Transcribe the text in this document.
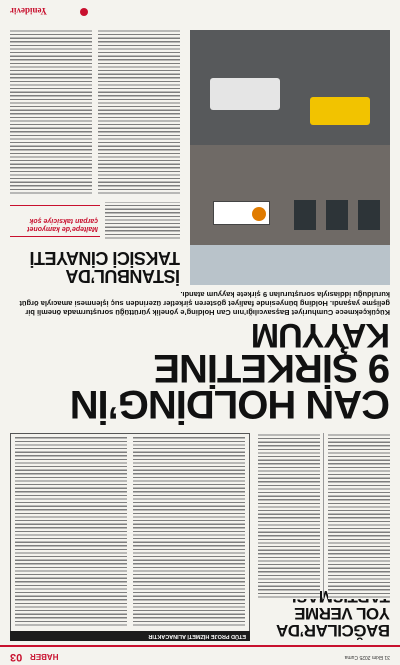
31 Ekim 2025 Cuma
HABER
03
BAĞCILAR’DA YOL VERME
ETÜD PROJE HİZMETİ ALINACAKTIR
CAN HOLDİNG’İN
9 ŞİRKETİNE
KAYYUM
Küçükçekmece Cumhuriyet Başsavcılığı’nın Can Holding’e yönelik yürüttüğü soruşturmada önemli bir gelişme yaşandı. Holding bünyesinde faaliyet gösteren şirketler üzerinden suç işlenmesi amacıyla örgüt kurulduğu iddiasıyla soruşturulan 9 şirkete kayyum atandı.
İSTANBUL’DA TAKSİCİ CİNAYETİ
Maltepe’de kamyonet çarpan taksiciye şok
Yenidevir
